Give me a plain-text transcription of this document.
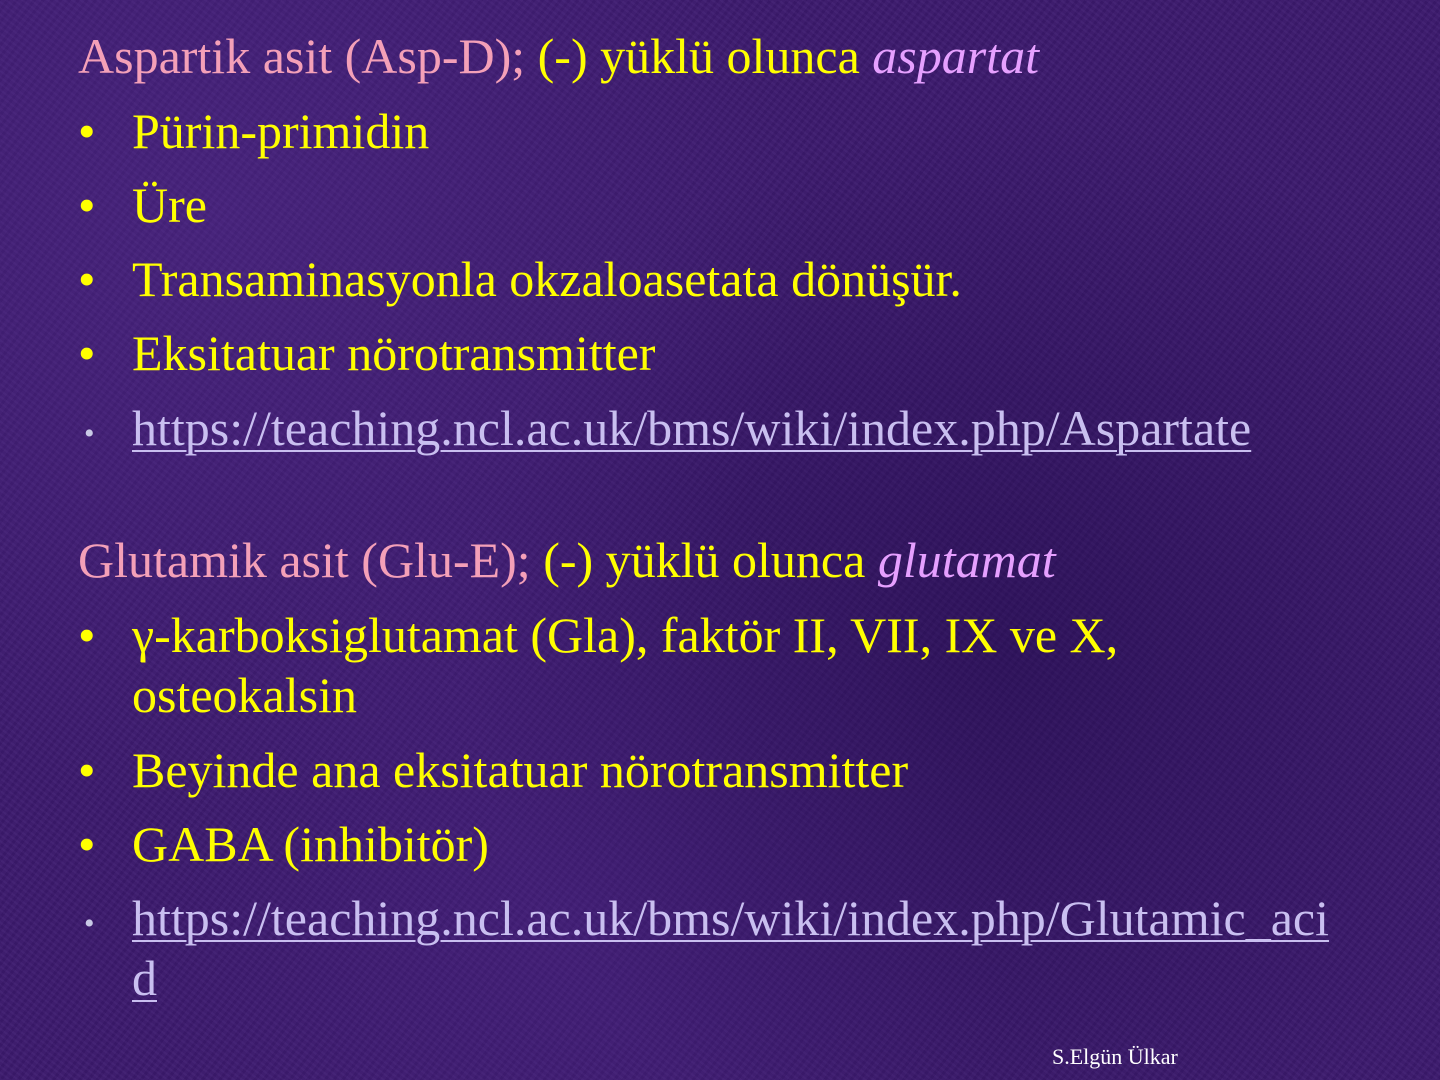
Aspartik asit (Asp-D); (-) yüklü olunca aspartat
• Pürin-primidin
• Üre
• Transaminasyonla okzaloasetata dönüşür.
• Eksitatuar nörotransmitter
• https://teaching.ncl.ac.uk/bms/wiki/index.php/Aspartate
Glutamik asit (Glu-E); (-) yüklü olunca glutamat
• γ-karboksiglutamat (Gla), faktör II, VII, IX ve X, osteokalsin
• Beyinde ana eksitatuar nörotransmitter
• GABA (inhibitör)
• https://teaching.ncl.ac.uk/bms/wiki/index.php/Glutamic_acid
S.Elgün Ülkar
